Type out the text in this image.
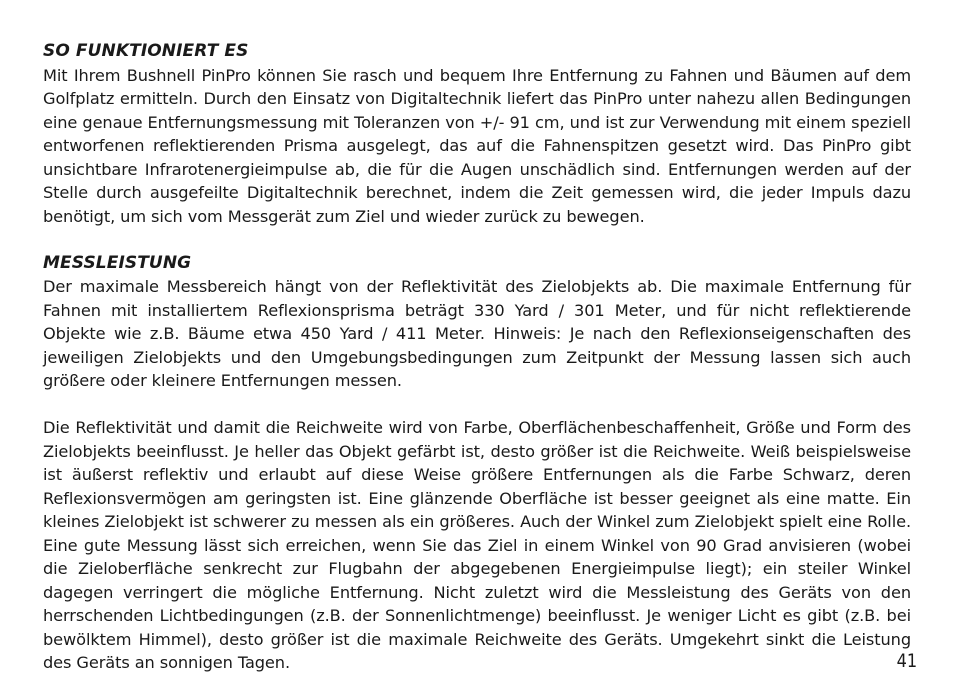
SO FUNKTIONIERT ES

Mit Ihrem Bushnell PinPro können Sie rasch und bequem Ihre Entfernung zu Fahnen und Bäumen auf dem Golfplatz ermitteln. Durch den Einsatz von Digitaltechnik liefert das PinPro unter nahezu allen Bedingungen eine genaue Entfernungsmessung mit Toleranzen von +/- 91 cm, und ist zur Verwendung mit einem speziell entworfenen reflektierenden Prisma ausgelegt, das auf die Fahnenspitzen gesetzt wird. Das PinPro gibt unsichtbare Infrarotenergieimpulse ab, die für die Augen unschädlich sind. Entfernungen werden auf der Stelle durch ausgefeilte Digitaltechnik berechnet, indem die Zeit gemessen wird, die jeder Impuls dazu benötigt, um sich vom Messgerät zum Ziel und wieder zurück zu bewegen.

MESSLEISTUNG

Der maximale Messbereich hängt von der Reflektivität des Zielobjekts ab. Die maximale Entfernung für Fahnen mit installiertem Reflexionsprisma beträgt 330 Yard / 301 Meter, und für nicht reflektierende Objekte wie z.B. Bäume etwa 450 Yard / 411 Meter. Hinweis: Je nach den Reflexionseigenschaften des jeweiligen Zielobjekts und den Umgebungsbedingungen zum Zeitpunkt der Messung lassen sich auch größere oder kleinere Entfernungen messen.

Die Reflektivität und damit die Reichweite wird von Farbe, Oberflächenbeschaffenheit, Größe und Form des Zielobjekts beeinflusst. Je heller das Objekt gefärbt ist, desto größer ist die Reichweite. Weiß beispielsweise ist äußerst reflektiv und erlaubt auf diese Weise größere Entfernungen als die Farbe Schwarz, deren Reflexionsvermögen am geringsten ist. Eine glänzende Oberfläche ist besser geeignet als eine matte. Ein kleines Zielobjekt ist schwerer zu messen als ein größeres. Auch der Winkel zum Zielobjekt spielt eine Rolle. Eine gute Messung lässt sich erreichen, wenn Sie das Ziel in einem Winkel von 90 Grad anvisieren (wobei die Zieloberfläche senkrecht zur Flugbahn der abgegebenen Energieimpulse liegt); ein steiler Winkel dagegen verringert die mögliche Entfernung. Nicht zuletzt wird die Messleistung des Geräts von den herrschenden Lichtbedingungen (z.B. der Sonnenlichtmenge) beeinflusst. Je weniger Licht es gibt (z.B. bei bewölktem Himmel), desto größer ist die maximale Reichweite des Geräts. Umgekehrt sinkt die Leistung des Geräts an sonnigen Tagen.	41
